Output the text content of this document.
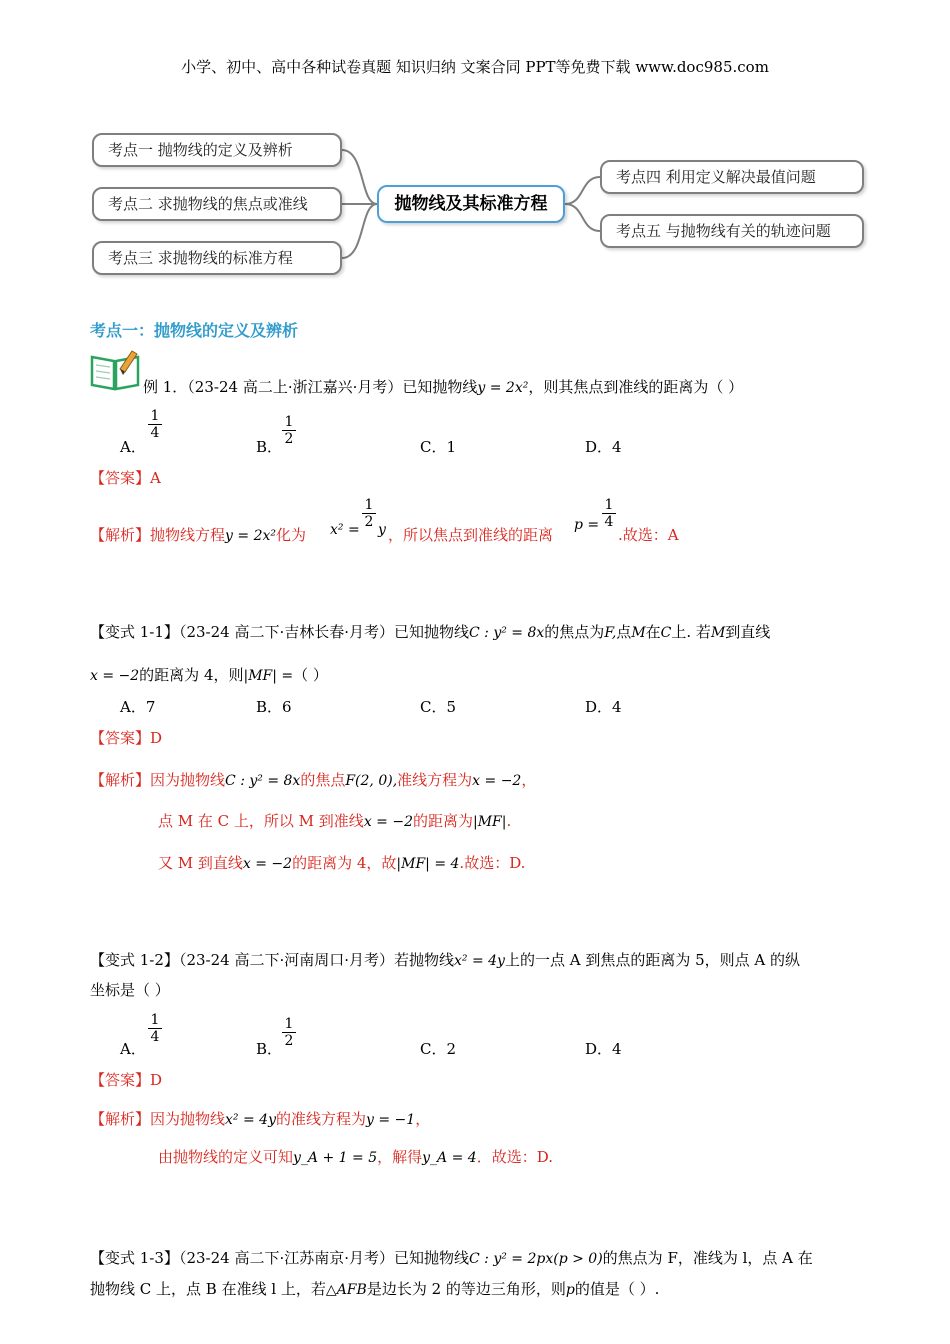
小学、初中、高中各种试卷真题 知识归纳 文案合同 PPT等免费下载 www.doc985.com
考点一 抛物线的定义及辨析
考点二 求抛物线的焦点或准线
考点三 求抛物线的标准方程
抛物线及其标准方程
考点四 利用定义解决最值问题
考点五 与抛物线有关的轨迹问题
考点一：抛物线的定义及辨析
例 1．（23-24 高二上·浙江嘉兴·月考）已知抛物线y = 2x²，则其焦点到准线的距离为（ ）
A．
1
4
B．
1
2	C．1	D．4
【答案】A
【解析】抛物线方程y = 2x²化为 x² =
1
2 y ，所以焦点到准线的距离
p =
1
4
.故选：A
【变式 1-1】（23-24 高二下·吉林长春·月考）已知抛物线C : y² = 8x的焦点为F,点M在C上. 若M到直线
x = −2的距离为 4，则|MF| =（ ）
A．7	B．6	C．5	D．4
【答案】D
【解析】因为抛物线C : y² = 8x的焦点F(2, 0),准线方程为x = −2，
点 M 在 C 上，所以 M 到准线x = −2的距离为|MF|.
又 M 到直线x = −2的距离为 4，故|MF| = 4.故选：D.
【变式 1-2】（23-24 高二下·河南周口·月考）若抛物线x² = 4y上的一点 A 到焦点的距离为 5，则点 A 的纵
坐标是（ ）
A．
1
4
B．
1
2	C．2	D．4
【答案】D
【解析】因为抛物线x² = 4y的准线方程为y = −1，
由抛物线的定义可知y_A + 1 = 5，解得y_A = 4．故选：D.
【变式 1-3】（23-24 高二下·江苏南京·月考）已知抛物线C : y² = 2px(p > 0)的焦点为 F，准线为 l，点 A 在
抛物线 C 上，点 B 在准线 l 上，若△AFB是边长为 2 的等边三角形，则p的值是（ ）.
